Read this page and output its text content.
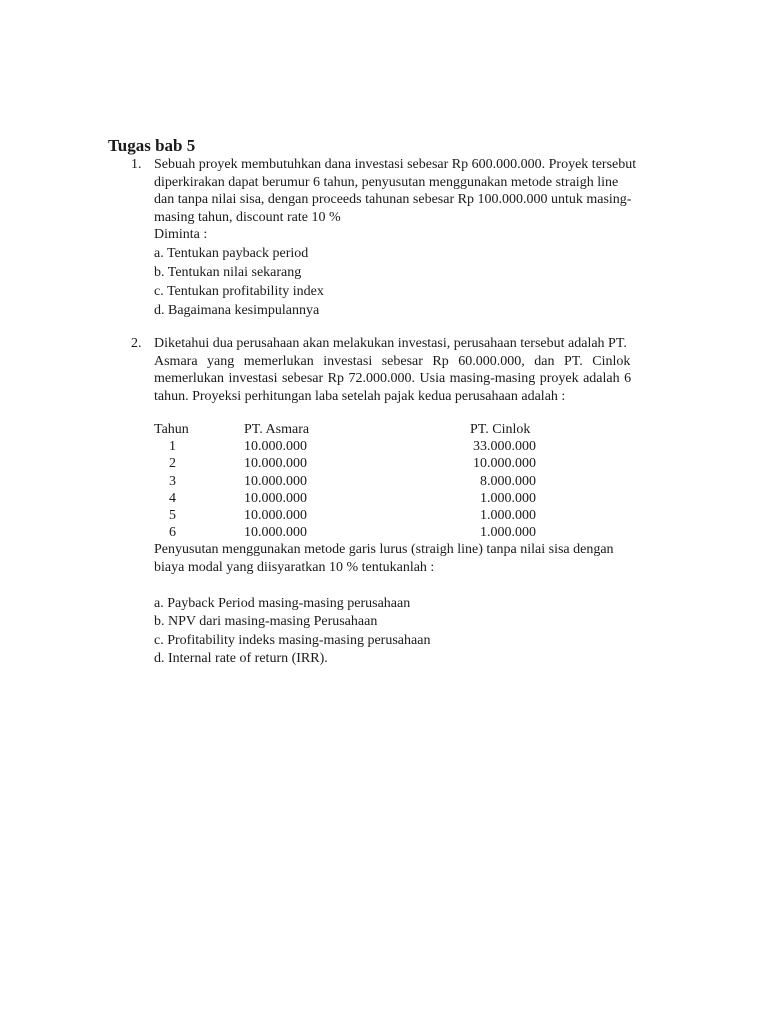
Tugas bab 5
1. Sebuah proyek membutuhkan dana investasi sebesar Rp 600.000.000. Proyek tersebut
diperkirakan dapat berumur 6 tahun, penyusutan menggunakan metode straigh line
dan tanpa nilai sisa, dengan proceeds tahunan sebesar Rp 100.000.000 untuk masing-
masing tahun, discount rate 10 %
Diminta :
a. Tentukan payback period
b. Tentukan nilai sekarang
c. Tentukan profitability index
d. Bagaimana kesimpulannya
2. Diketahui dua perusahaan akan melakukan investasi, perusahaan tersebut adalah PT.
Asmara yang memerlukan investasi sebesar Rp 60.000.000, dan PT. Cinlok
memerlukan investasi sebesar Rp 72.000.000. Usia masing-masing proyek adalah 6
tahun. Proyeksi perhitungan laba setelah pajak kedua perusahaan adalah :
Tahun	PT. Asmara	PT. Cinlok
1	10.000.000	33.000.000
2	10.000.000	10.000.000
3	10.000.000	8.000.000
4	10.000.000	1.000.000
5	10.000.000	1.000.000
6	10.000.000	1.000.000
Penyusutan menggunakan metode garis lurus (straigh line) tanpa nilai sisa dengan
biaya modal yang diisyaratkan 10 % tentukanlah :
a. Payback Period masing-masing perusahaan
b. NPV dari masing-masing Perusahaan
c. Profitability indeks masing-masing perusahaan
d. Internal rate of return (IRR).
